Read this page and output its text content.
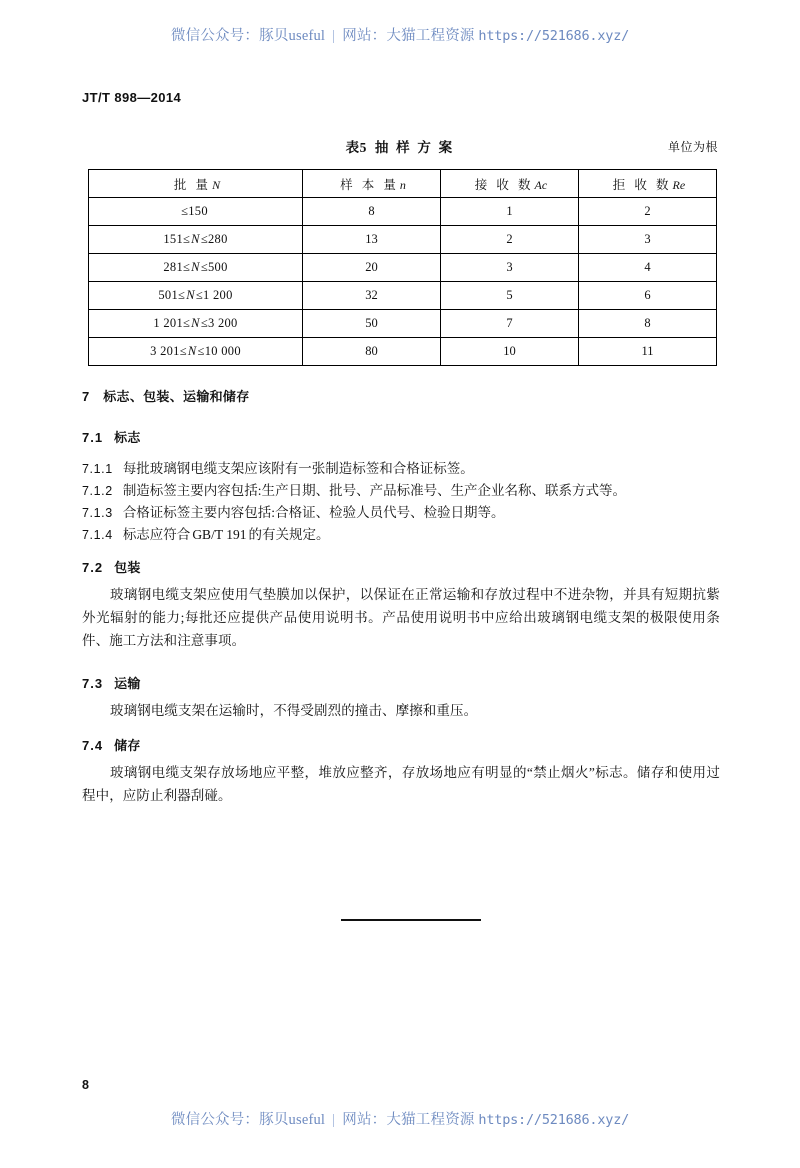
微信公众号：豚贝useful | 网站：大猫工程资源 https://521686.xyz/
JT/T 898—2014
表5 抽 样 方 案	单位为根
批 量N	样 本 量n	接 收 数Ac	拒 收 数Re
≤150	8	1	2
151≤N≤280	13	2	3
281≤N≤500	20	3	4
501≤N≤1 200	32	5	6
1 201≤N≤3 200	50	7	8
3 201≤N≤10 000	80	10	11
7 标志、包装、运输和储存
7.1 标志
7.1.1 每批玻璃钢电缆支架应该附有一张制造标签和合格证标签。
7.1.2 制造标签主要内容包括:生产日期、批号、产品标准号、生产企业名称、联系方式等。
7.1.3 合格证标签主要内容包括:合格证、检验人员代号、检验日期等。
7.1.4 标志应符合 GB/T 191 的有关规定。
7.2 包装
玻璃钢电缆支架应使用气垫膜加以保护，以保证在正常运输和存放过程中不进杂物，并具有短期抗紫外光辐射的能力;每批还应提供产品使用说明书。产品使用说明书中应给出玻璃钢电缆支架的极限使用条件、施工方法和注意事项。
7.3 运输
玻璃钢电缆支架在运输时，不得受剧烈的撞击、摩擦和重压。
7.4 储存
玻璃钢电缆支架存放场地应平整，堆放应整齐，存放场地应有明显的“禁止烟火”标志。储存和使用过程中，应防止利器刮碰。
8
微信公众号：豚贝useful | 网站：大猫工程资源 https://521686.xyz/
